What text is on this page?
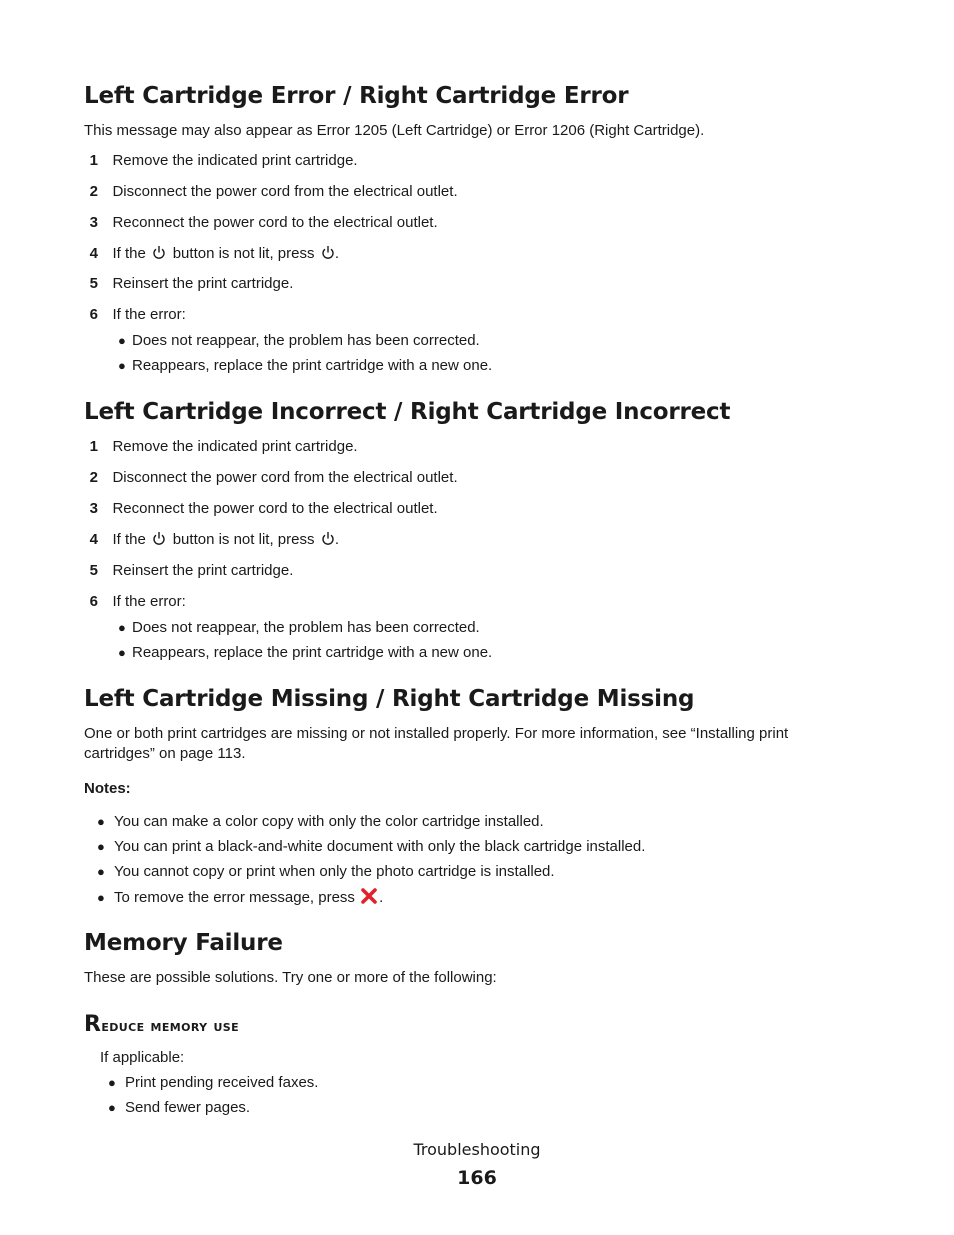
Left Cartridge Error / Right Cartridge Error
This message may also appear as Error 1205 (Left Cartridge) or Error 1206 (Right Cartridge).
1 Remove the indicated print cartridge.
2 Disconnect the power cord from the electrical outlet.
3 Reconnect the power cord to the electrical outlet.
4 If the button is not lit, press .
5 Reinsert the print cartridge.
6 If the error:
● Does not reappear, the problem has been corrected.
● Reappears, replace the print cartridge with a new one.
Left Cartridge Incorrect / Right Cartridge Incorrect
1 Remove the indicated print cartridge.
2 Disconnect the power cord from the electrical outlet.
3 Reconnect the power cord to the electrical outlet.
4 If the button is not lit, press .
5 Reinsert the print cartridge.
6 If the error:
● Does not reappear, the problem has been corrected.
● Reappears, replace the print cartridge with a new one.
Left Cartridge Missing / Right Cartridge Missing
One or both print cartridges are missing or not installed properly. For more information, see “Installing print cartridges” on page 113.
Notes:
● You can make a color copy with only the color cartridge installed.
● You can print a black-and-white document with only the black cartridge installed.
● You cannot copy or print when only the photo cartridge is installed.
● To remove the error message, press .
Memory Failure
These are possible solutions. Try one or more of the following:
Reduce memory use
If applicable:
● Print pending received faxes.
● Send fewer pages.
Troubleshooting
166
